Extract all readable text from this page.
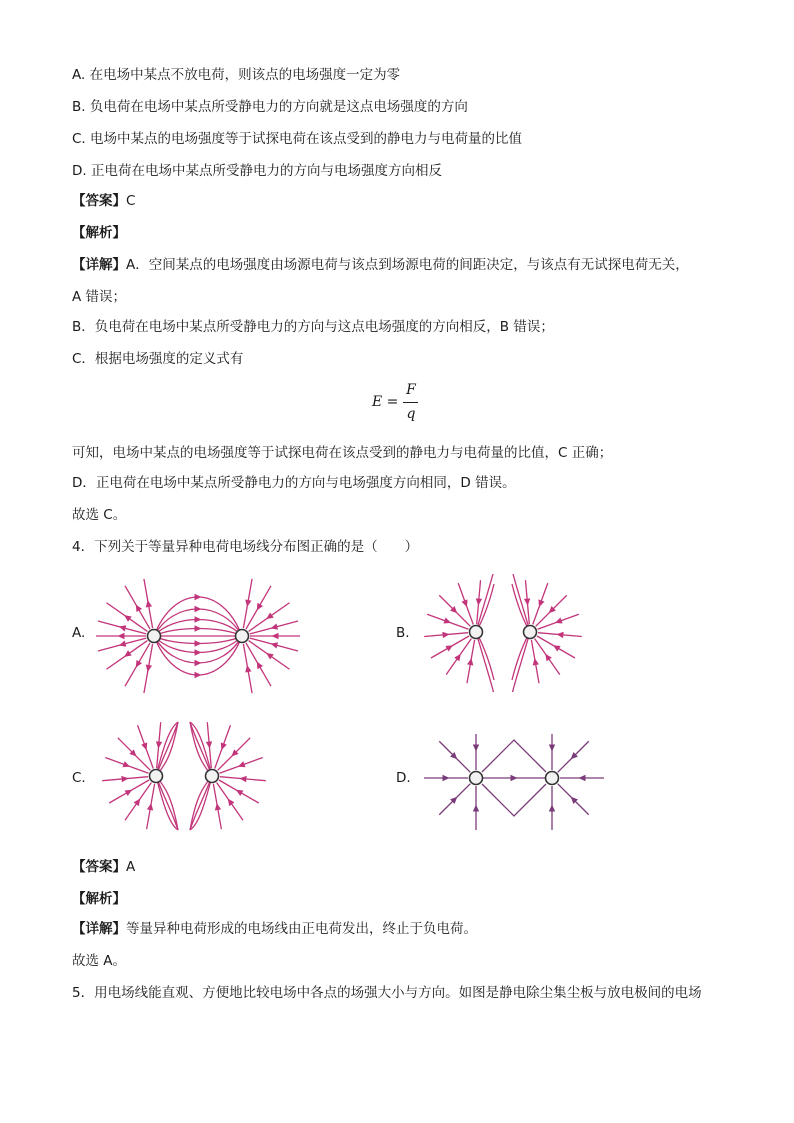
A. 在电场中某点不放电荷，则该点的电场强度一定为零
B. 负电荷在电场中某点所受静电力的方向就是这点电场强度的方向
C. 电场中某点的电场强度等于试探电荷在该点受到的静电力与电荷量的比值
D. 正电荷在电场中某点所受静电力的方向与电场强度方向相反
【答案】C
【解析】
【详解】A．空间某点的电场强度由场源电荷与该点到场源电荷的间距决定，与该点有无试探电荷无关，
A 错误；
B．负电荷在电场中某点所受静电力的方向与这点电场强度的方向相反，B 错误；
C．根据电场强度的定义式有
E =
F
q
可知，电场中某点的电场强度等于试探电荷在该点受到的静电力与电荷量的比值，C 正确；
D．正电荷在电场中某点所受静电力的方向与电场强度方向相同，D 错误。
故选 C。
4．下列关于等量异种电荷电场线分布图正确的是（　　）
A.	B.
C.	D.
【答案】A
【解析】
【详解】等量异种电荷形成的电场线由正电荷发出，终止于负电荷。
故选 A。
5．用电场线能直观、方便地比较电场中各点的场强大小与方向。如图是静电除尘集尘板与放电极间的电场
